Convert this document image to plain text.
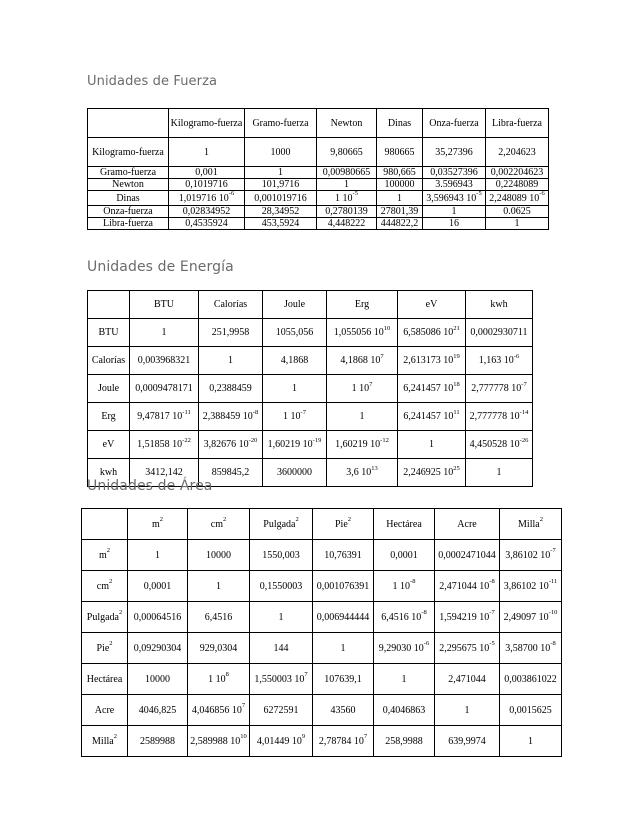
Unidades de Fuerza
	Kilogramo-fuerza	Gramo-fuerza	Newton	Dinas	Onza-fuerza	Libra-fuerza
Kilogramo-fuerza	1	1000	9,80665	980665	35,27396	2,204623
Gramo-fuerza	0,001	1	0,00980665	980,665	0,03527396	0,002204623
Newton	0,1019716	101,9716	1	100000	3.596943	0,2248089
Dinas	1,019716 $10^{-6}$	0,001019716	1 $10^{-5}$	1	3,596943 $10^{-5}$	2,248089 $10^{-6}$
Onza-fuerza	0,02834952	28,34952	0,2780139	27801,39	1	0.0625
Libra-fuerza	0,4535924	453,5924	4,448222	444822,2	16	1
Unidades de Energía
	BTU	Calorías	Joule	Erg	eV	kwh
BTU	1	251,9958	1055,056	1,055056 $10^{10}$	6,585086 $10^{21}$	0,0002930711
Calorías	0,003968321	1	4,1868	4,1868 $10^7$	2,613173 $10^{19}$	1,163 $10^{-6}$
Joule	0,0009478171	0,2388459	1	1 $10^7$	6,241457 $10^{18}$	2,777778 $10^{-7}$
Erg	9,47817 $10^{-11}$	2,388459 $10^{-8}$	1 $10^{-7}$	1	6,241457 $10^{11}$	2,777778 $10^{-14}$
eV	1,51858 $10^{-22}$	3,82676 $10^{-20}$	1,60219 $10^{-19}$	1,60219 $10^{-12}$	1	4,450528 $10^{-26}$
kwh	3412,142	859845,2	3600000	3,6 $10^{13}$	2,246925 $10^{25}$	1
Unidades de Área
	$m^2$	$cm^2$	Pulgada$^2$	Pie$^2$	Hectárea	Acre	Milla$^2$
$m^2$	1	10000	1550,003	10,76391	0,0001	0,0002471044	3,86102 $10^{-7}$
$cm^2$	0,0001	1	0,1550003	0,001076391	1 $10^{-8}$	2,471044 $10^{-8}$	3,86102 $10^{-11}$
Pulgada$^2$	0,00064516	6,4516	1	0,006944444	6,4516 $10^{-8}$	1,594219 $10^{-7}$	2,49097 $10^{-10}$
Pie$^2$	0,09290304	929,0304	144	1	9,29030 $10^{-6}$	2,295675 $10^{-5}$	3,58700 $10^{-8}$
Hectárea	10000	1 $10^8$	1,550003 $10^7$	107639,1	1	2,471044	0,003861022
Acre	4046,825	4,046856 $10^7$	6272591	43560	0,4046863	1	0,0015625
Milla$^2$	2589988	2,589988 $10^{10}$	4,01449 $10^9$	2,78784 $10^7$	258,9988	639,9974	1
